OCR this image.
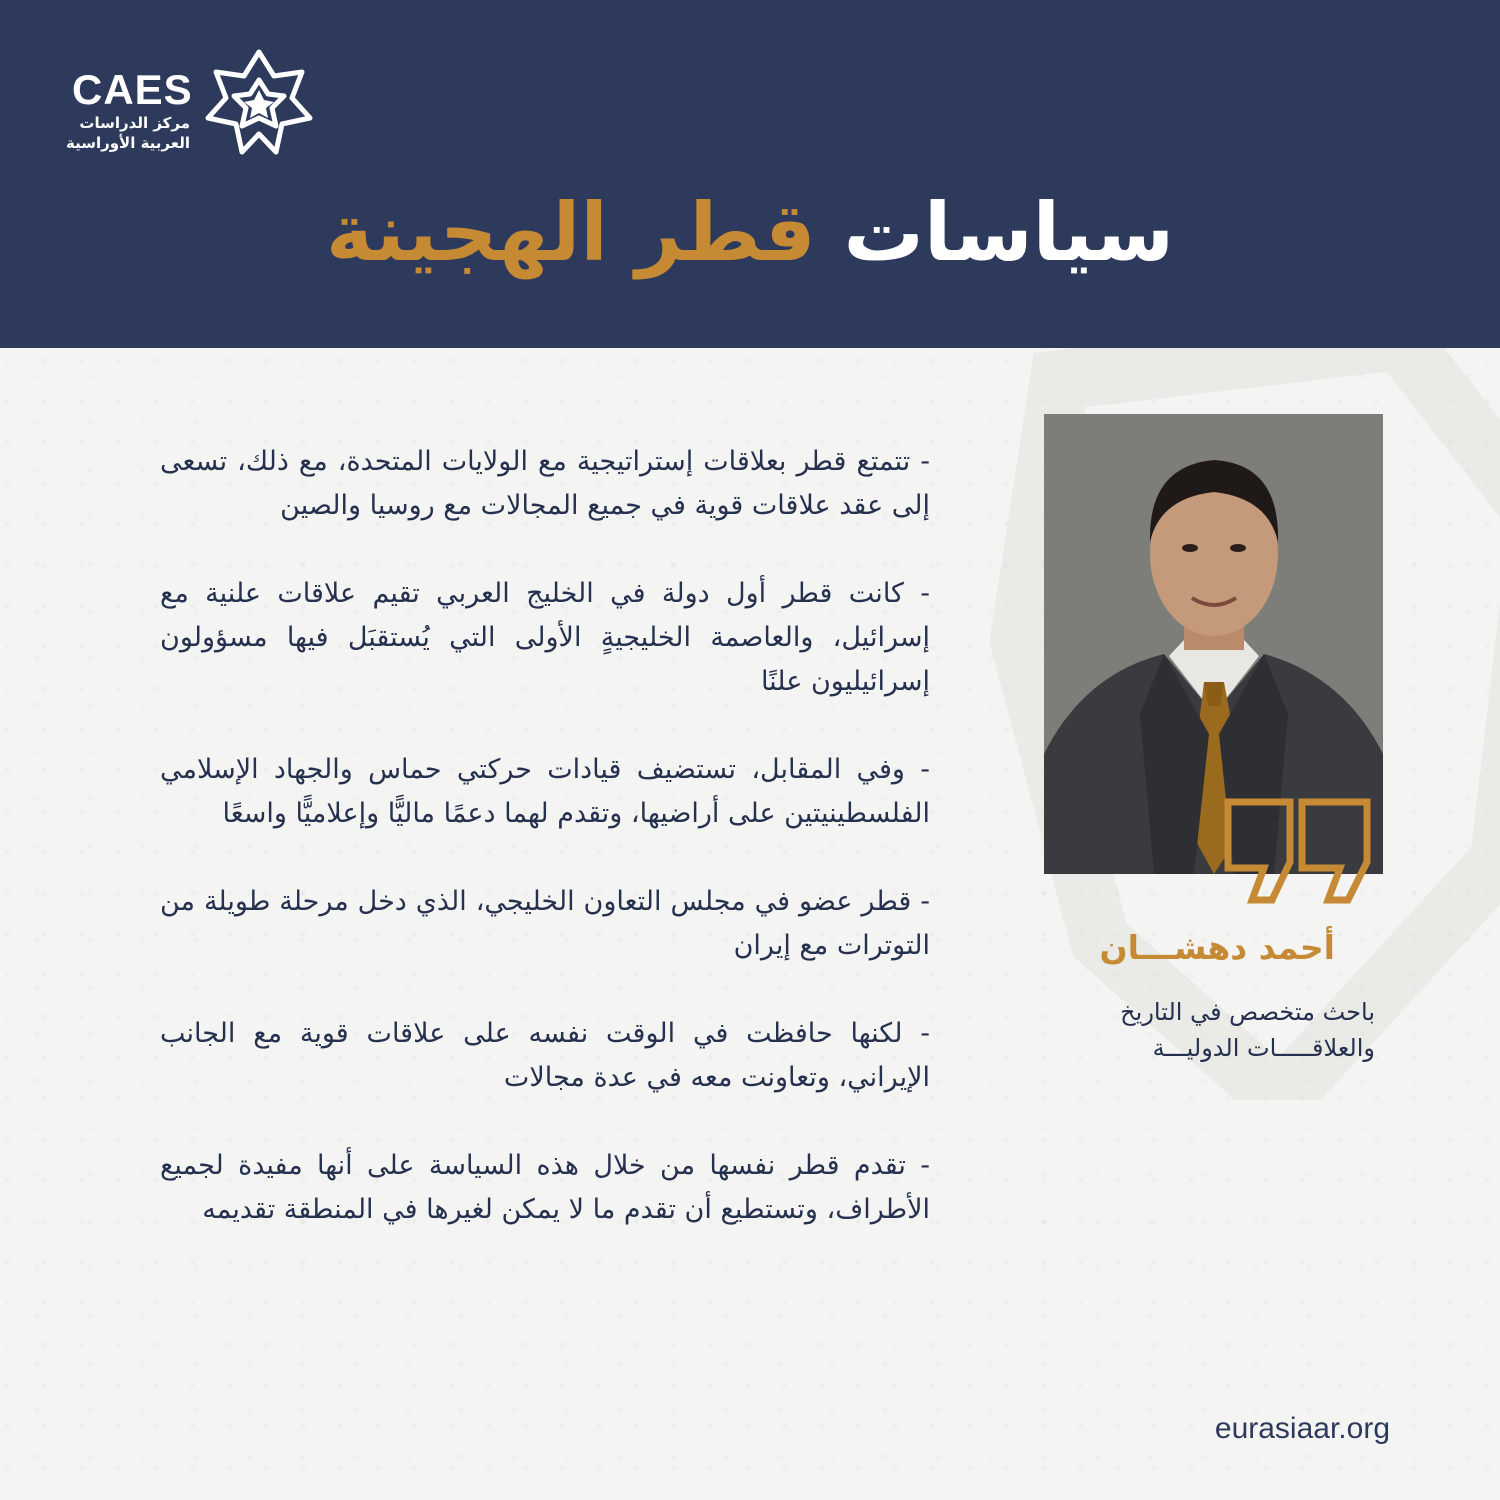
CAES
مركز الدراسات
العربية الأوراسية
سياسات قطر الهجينة

- تتمتع قطر بعلاقات إستراتيجية مع الولايات المتحدة، مع ذلك، تسعى إلى عقد علاقات قوية في جميع المجالات مع روسيا والصين

- كانت قطر أول دولة في الخليج العربي تقيم علاقات علنية مع إسرائيل، والعاصمة الخليجيةٍ الأولى التي يُستقبَل فيها مسؤولون إسرائيليون علنًا

- وفي المقابل، تستضيف قيادات حركتي حماس والجهاد الإسلامي الفلسطينيتين على أراضيها، وتقدم لهما دعمًا ماليًّا وإعلاميًّا واسعًا

- قطر عضو في مجلس التعاون الخليجي، الذي دخل مرحلة طويلة من التوترات مع إيران

- لكنها حافظت في الوقت نفسه على علاقات قوية مع الجانب الإيراني، وتعاونت معه في عدة مجالات

- تقدم قطر نفسها من خلال هذه السياسة على أنها مفيدة لجميع الأطراف، وتستطيع أن تقدم ما لا يمكن لغيرها في المنطقة تقديمه

أحمد دهشـــان
باحث متخصص في التاريخ
والعلاقـــــات الدوليـــة
eurasiaar.org
